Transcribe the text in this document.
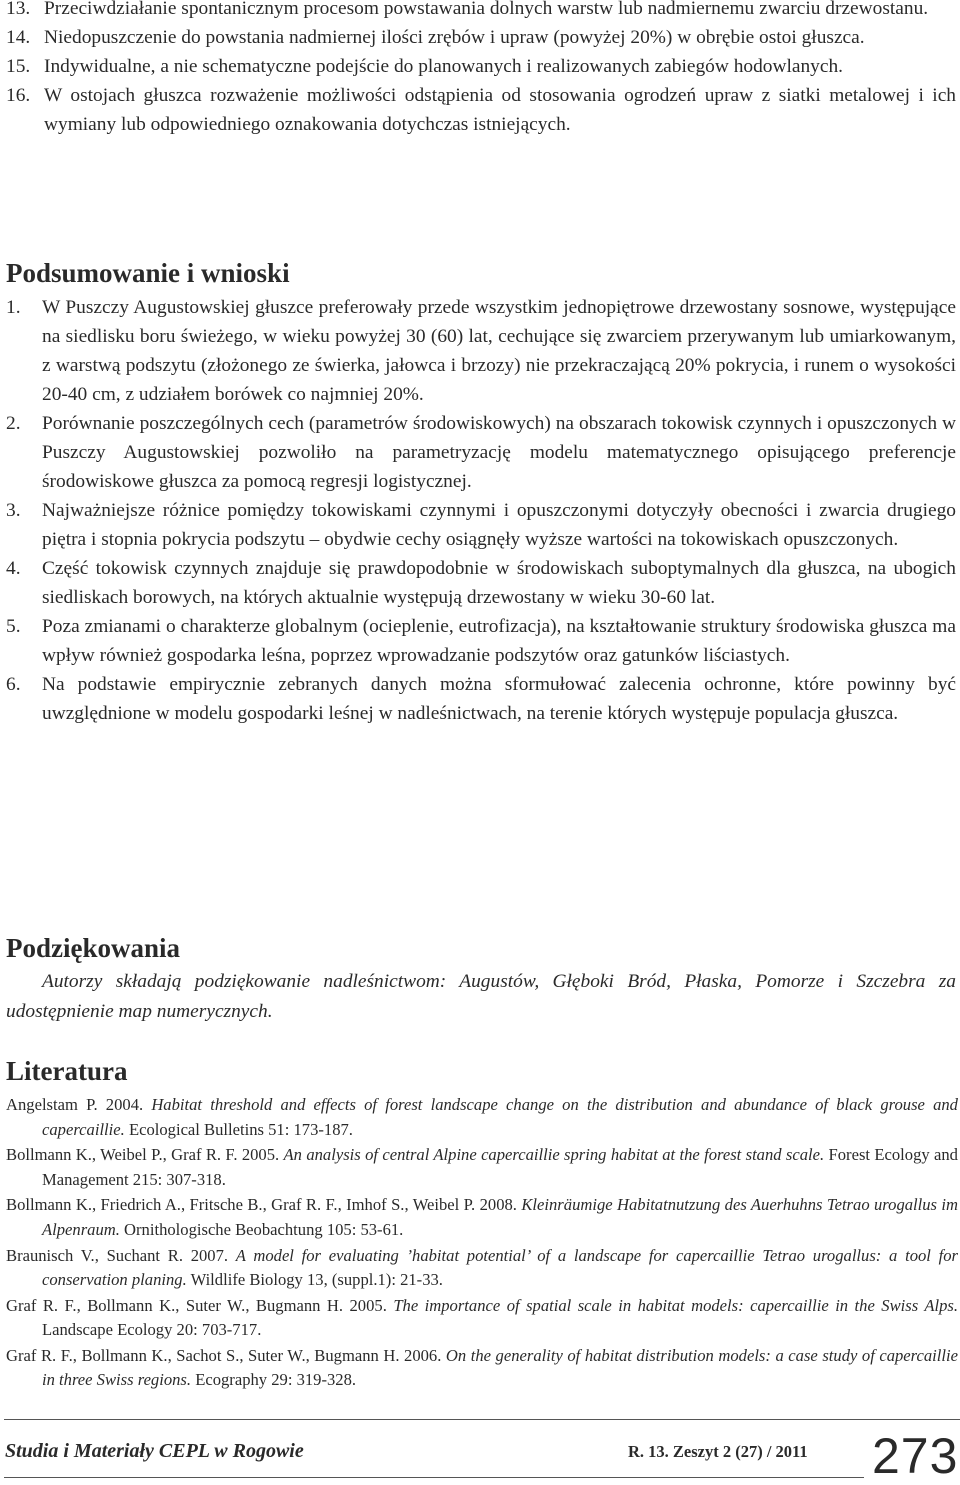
13. Przeciwdziałanie spontanicznym procesom powstawania dolnych warstw lub nadmiernemu zwarciu drzewostanu.
14. Niedopuszczenie do powstania nadmiernej ilości zrębów i upraw (powyżej 20%) w obrębie ostoi głuszca.
15. Indywidualne, a nie schematyczne podejście do planowanych i realizowanych zabiegów hodowlanych.
16. W ostojach głuszca rozważenie możliwości odstąpienia od stosowania ogrodzeń upraw z siatki metalowej i ich wymiany lub odpowiedniego oznakowania dotychczas istniejących.
Podsumowanie i wnioski
1.	W Puszczy Augustowskiej głuszce preferowały przede wszystkim jednopiętrowe drzewostany sosnowe, występujące na siedlisku boru świeżego, w wieku powyżej 30 (60) lat, cechujące się zwarciem przerywanym lub umiarkowanym, z warstwą podszytu (złożonego ze świerka, jałowca i brzozy) nie przekraczającą 20% pokrycia, i runem o wysokości 20-40 cm, z udziałem borówek co najmniej 20%.
2.	Porównanie poszczególnych cech (parametrów środowiskowych) na obszarach tokowisk czynnych i opuszczonych w Puszczy Augustowskiej pozwoliło na parametryzację modelu matematycznego opisującego preferencje środowiskowe głuszca za pomocą regresji logistycznej.
3.	Najważniejsze różnice pomiędzy tokowiskami czynnymi i opuszczonymi dotyczyły obecności i zwarcia drugiego piętra i stopnia pokrycia podszytu – obydwie cechy osiągnęły wyższe wartości na tokowiskach opuszczonych.
4.	Część tokowisk czynnych znajduje się prawdopodobnie w środowiskach suboptymalnych dla głuszca, na ubogich siedliskach borowych, na których aktualnie występują drzewostany w wieku 30-60 lat.
5.	Poza zmianami o charakterze globalnym (ocieplenie, eutrofizacja), na kształtowanie struktury środowiska głuszca ma wpływ również gospodarka leśna, poprzez wprowadzanie podszytów oraz gatunków liściastych.
6.	Na podstawie empirycznie zebranych danych można sformułować zalecenia ochronne, które powinny być uwzględnione w modelu gospodarki leśnej w nadleśnictwach, na terenie których występuje populacja głuszca.
Podziękowania

Autorzy składają podziękowanie nadleśnictwom: Augustów, Głęboki Bród, Płaska, Pomorze i Szczebra za udostępnienie map numerycznych.

Literatura
Angelstam P. 2004. Habitat threshold and effects of forest landscape change on the distribution and abundance of black grouse and capercaillie. Ecological Bulletins 51: 173-187.
Bollmann K., Weibel P., Graf R. F. 2005. An analysis of central Alpine capercaillie spring habitat at the forest stand scale. Forest Ecology and Management 215: 307-318.
Bollmann K., Friedrich A., Fritsche B., Graf R. F., Imhof S., Weibel P. 2008. Kleinräumige Habitatnutzung des Auerhuhns Tetrao urogallus im Alpenraum. Ornithologische Beobachtung 105: 53-61.
Braunisch V., Suchant R. 2007. A model for evaluating ’habitat potential’ of a landscape for capercaillie Tetrao urogallus: a tool for conservation planing. Wildlife Biology 13, (suppl.1): 21-33.
Graf R. F., Bollmann K., Suter W., Bugmann H. 2005. The importance of spatial scale in habitat models: capercaillie in the Swiss Alps. Landscape Ecology 20: 703-717.
Graf R. F., Bollmann K., Sachot S., Suter W., Bugmann H. 2006. On the generality of habitat distribution models: a case study of capercaillie in three Swiss regions. Ecography 29: 319-328.
Studia i Materiały CEPL w Rogowie	R. 13. Zeszyt 2 (27) / 2011 273
